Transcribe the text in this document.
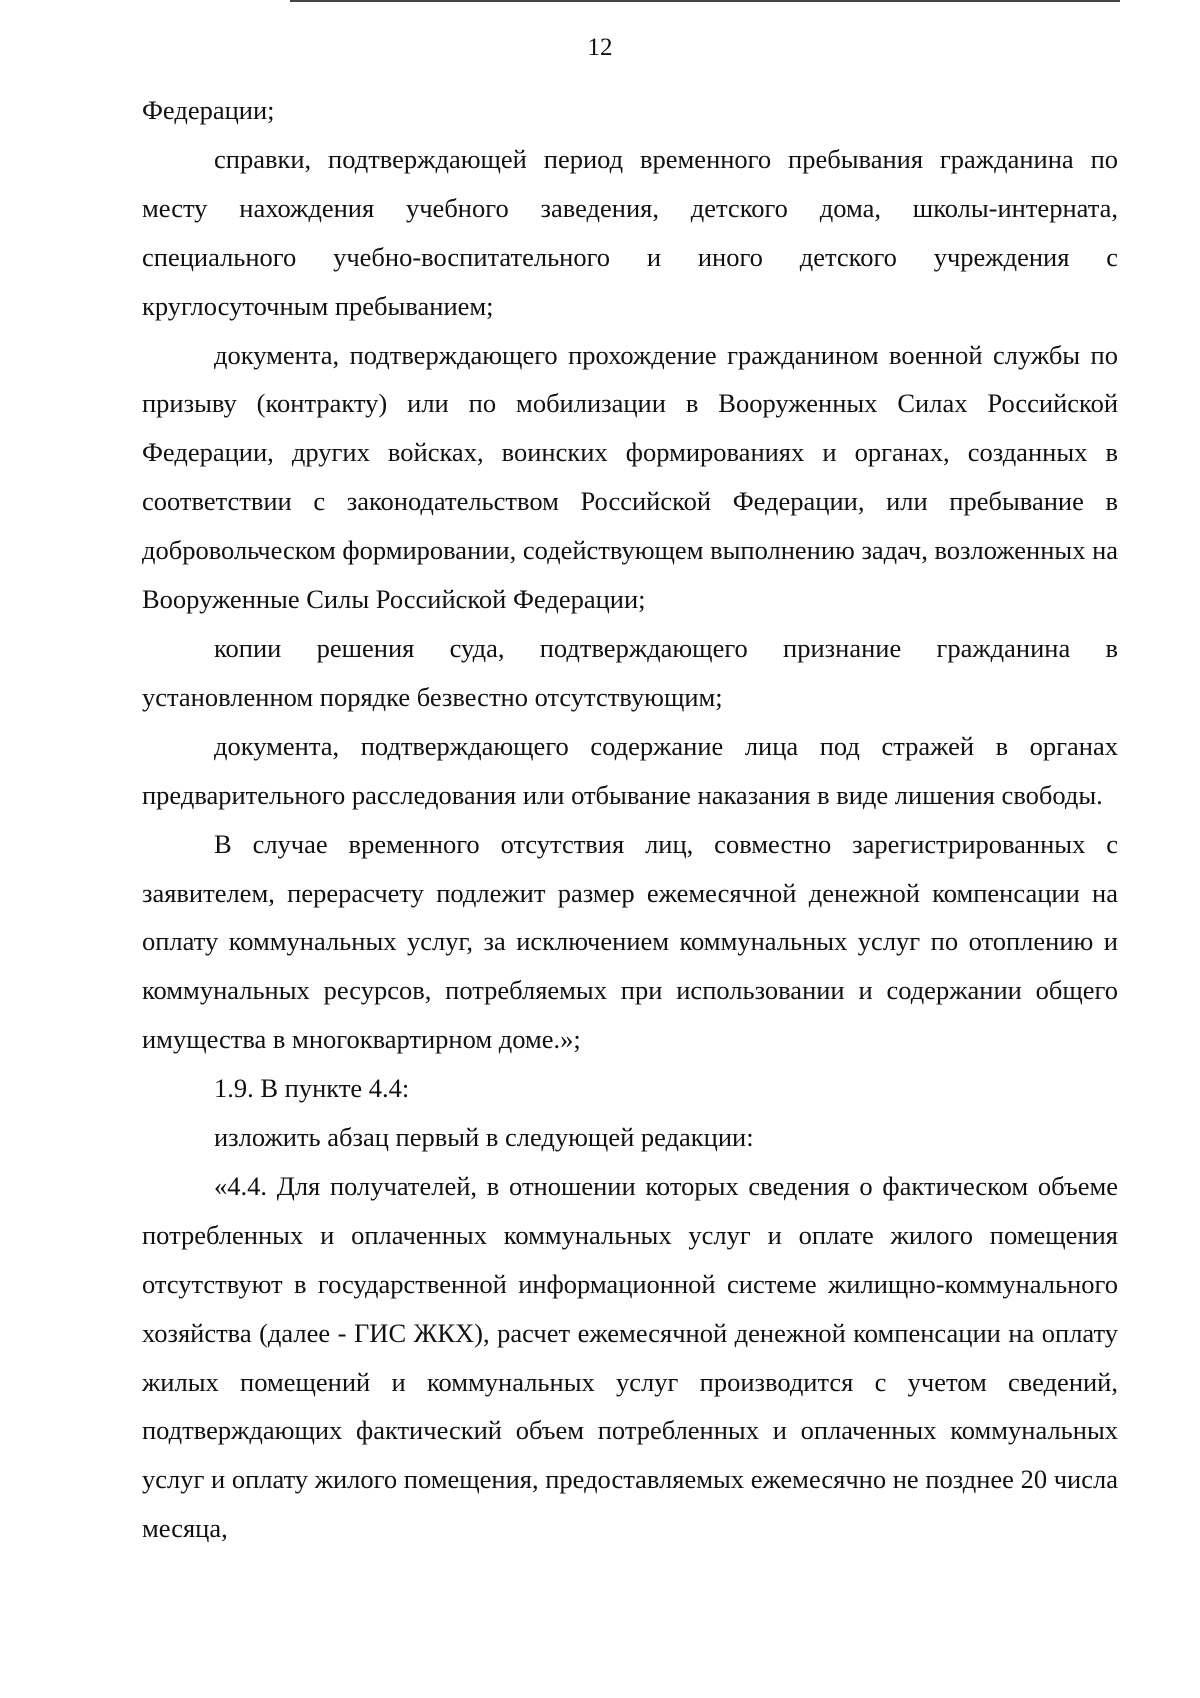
12

Федерации;

справки, подтверждающей период временного пребывания гражданина по месту нахождения учебного заведения, детского дома, школы-интерната, специального учебно-воспитательного и иного детского учреждения с круглосуточным пребыванием;

документа, подтверждающего прохождение гражданином военной службы по призыву (контракту) или по мобилизации в Вооруженных Силах Российской Федерации, других войсках, воинских формированиях и органах, созданных в соответствии с законодательством Российской Федерации, или пребывание в добровольческом формировании, содействующем выполнению задач, возложенных на Вооруженные Силы Российской Федерации;

копии решения суда, подтверждающего признание гражданина в установленном порядке безвестно отсутствующим;

документа, подтверждающего содержание лица под стражей в органах предварительного расследования или отбывание наказания в виде лишения свободы.

В случае временного отсутствия лиц, совместно зарегистрированных с заявителем, перерасчету подлежит размер ежемесячной денежной компенсации на оплату коммунальных услуг, за исключением коммунальных услуг по отоплению и коммунальных ресурсов, потребляемых при использовании и содержании общего имущества в многоквартирном доме.»;

1.9. В пункте 4.4:

изложить абзац первый в следующей редакции:

«4.4. Для получателей, в отношении которых сведения о фактическом объеме потребленных и оплаченных коммунальных услуг и оплате жилого помещения отсутствуют в государственной информационной системе жилищно-коммунального хозяйства (далее - ГИС ЖКХ), расчет ежемесячной денежной компенсации на оплату жилых помещений и коммунальных услуг производится с учетом сведений, подтверждающих фактический объем потребленных и оплаченных коммунальных услуг и оплату жилого помещения, предоставляемых ежемесячно не позднее 20 числа месяца,
